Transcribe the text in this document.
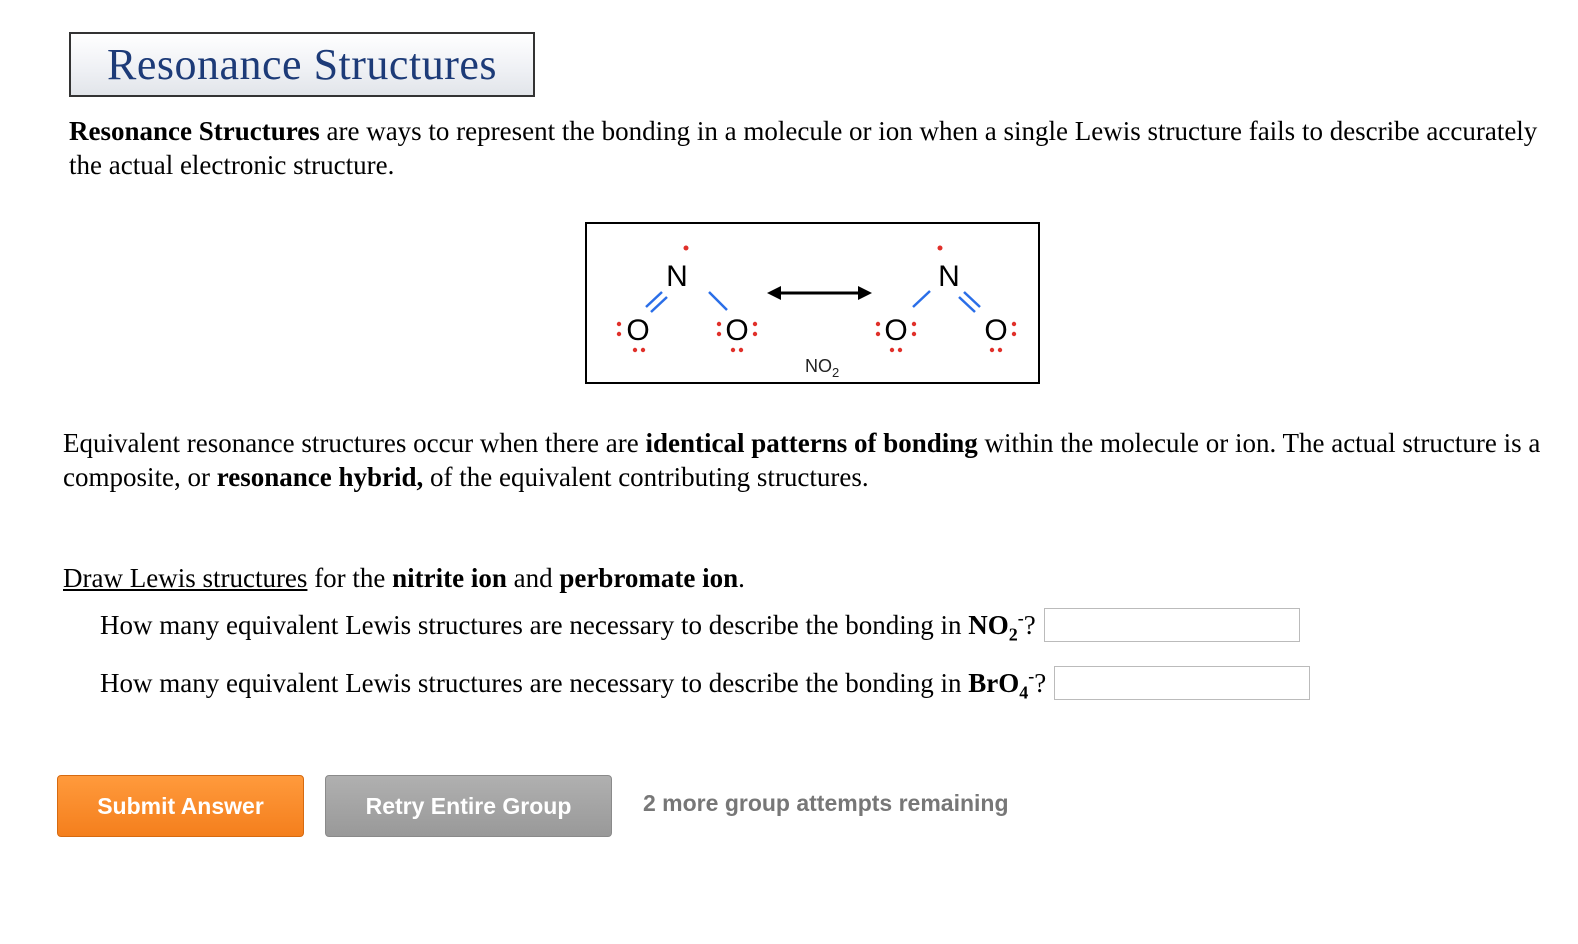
Resonance Structures
Resonance Structures are ways to represent the bonding in a molecule or ion when a single Lewis structure fails to describe accurately the actual electronic structure.
N
O	O
N
O	O
$NO_2$
Equivalent resonance structures occur when there are identical patterns of bonding within the molecule or ion. The actual structure is a composite, or resonance hybrid, of the equivalent contributing structures.
Draw Lewis structures for the nitrite ion and perbromate ion.
How many equivalent Lewis structures are necessary to describe the bonding in
$NO_2^-$ ?
How many equivalent Lewis structures are necessary to describe the bonding in
BrO$_4$- ?
Submit Answer	Retry Entire Group	2 more group attempts remaining
